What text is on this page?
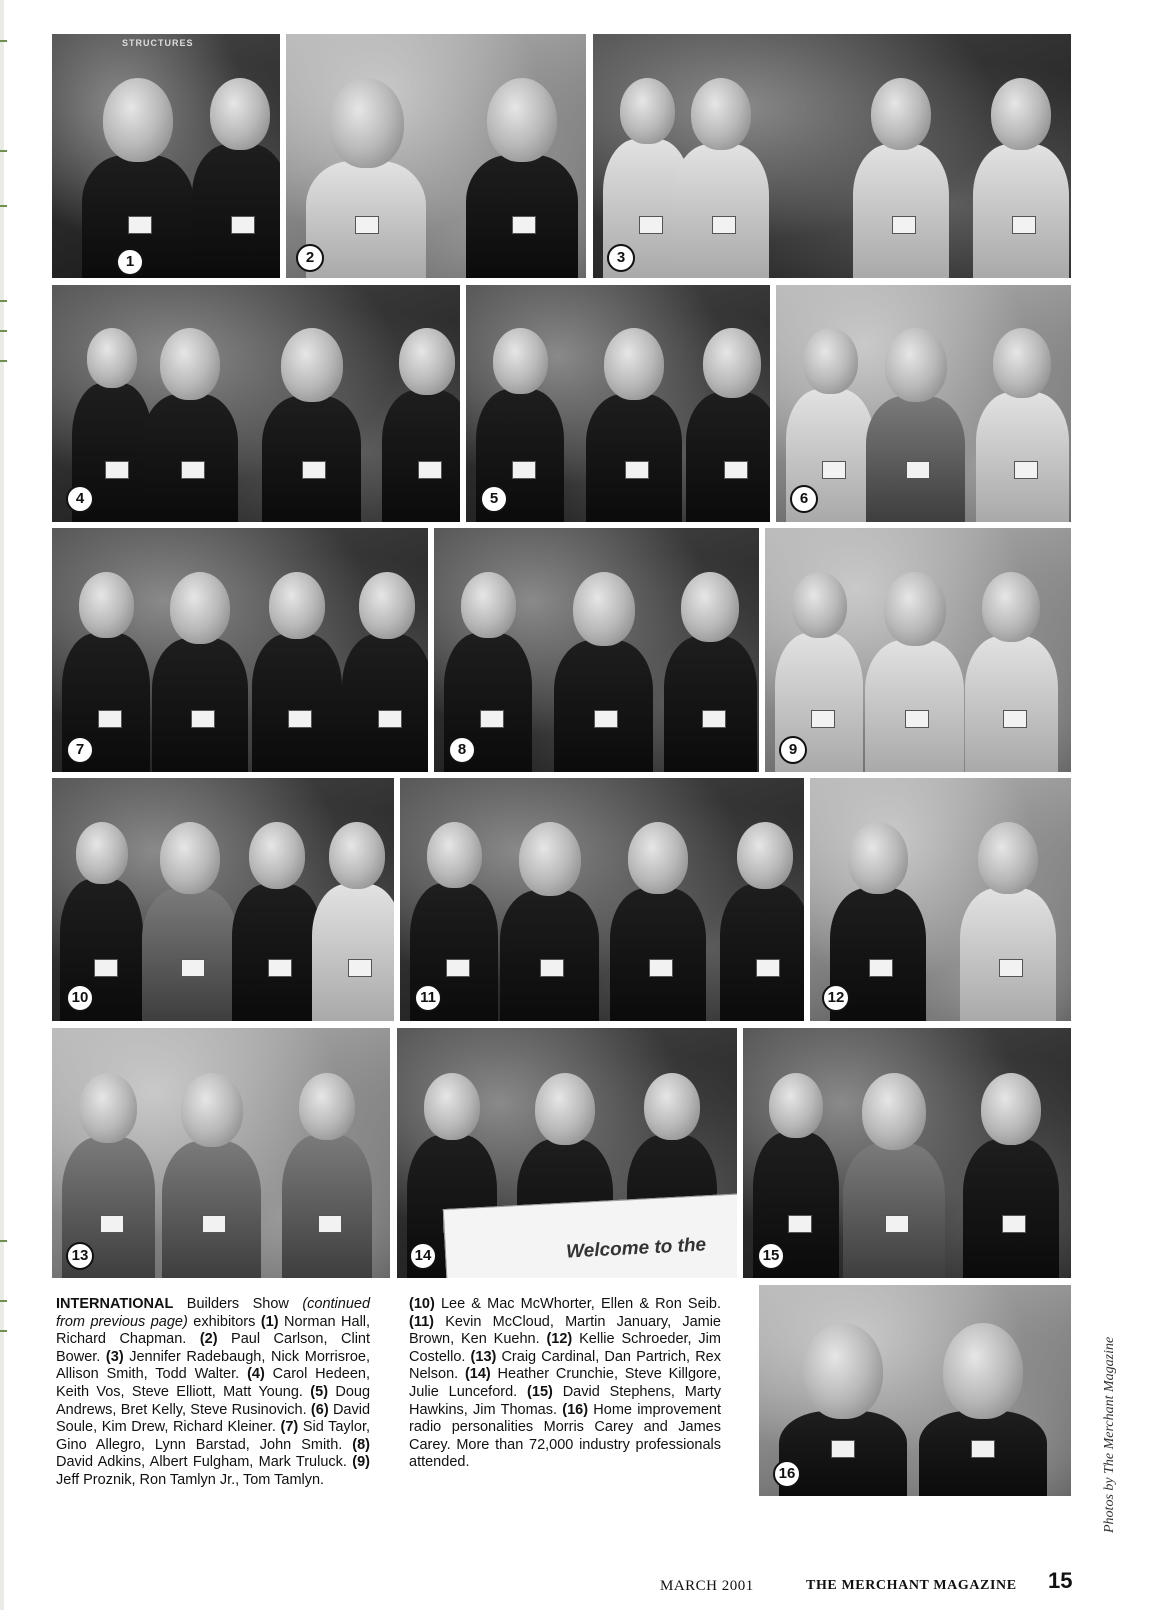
1
STRUCTURES
2	3
4	5	6
7	8	9
10	11	12
13	14	Welcome to the	15
16
INTERNATIONAL Builders Show (continued from previous page) exhibitors (1) Norman Hall, Richard Chapman. (2) Paul Carlson, Clint Bower. (3) Jennifer Radebaugh, Nick Morrisroe, Allison Smith, Todd Walter. (4) Carol Hedeen, Keith Vos, Steve Elliott, Matt Young. (5) Doug Andrews, Bret Kelly, Steve Rusinovich. (6) David Soule, Kim Drew, Richard Kleiner. (7) Sid Taylor, Gino Allegro, Lynn Barstad, John Smith. (8) David Adkins, Albert Fulgham, Mark Truluck. (9) Jeff Proznik, Ron Tamlyn Jr., Tom Tamlyn.
(10) Lee & Mac McWhorter, Ellen & Ron Seib. (11) Kevin McCloud, Martin January, Jamie Brown, Ken Kuehn. (12) Kellie Schroeder, Jim Costello. (13) Craig Cardinal, Dan Partrich, Rex Nelson. (14) Heather Crunchie, Steve Killgore, Julie Lunceford. (15) David Stephens, Marty Hawkins, Jim Thomas. (16) Home improvement radio personalities Morris Carey and James Carey. More than 72,000 industry professionals attended.	Photos by The Merchant Magazine
MARCH 2001	THE MERCHANT MAGAZINE 15
